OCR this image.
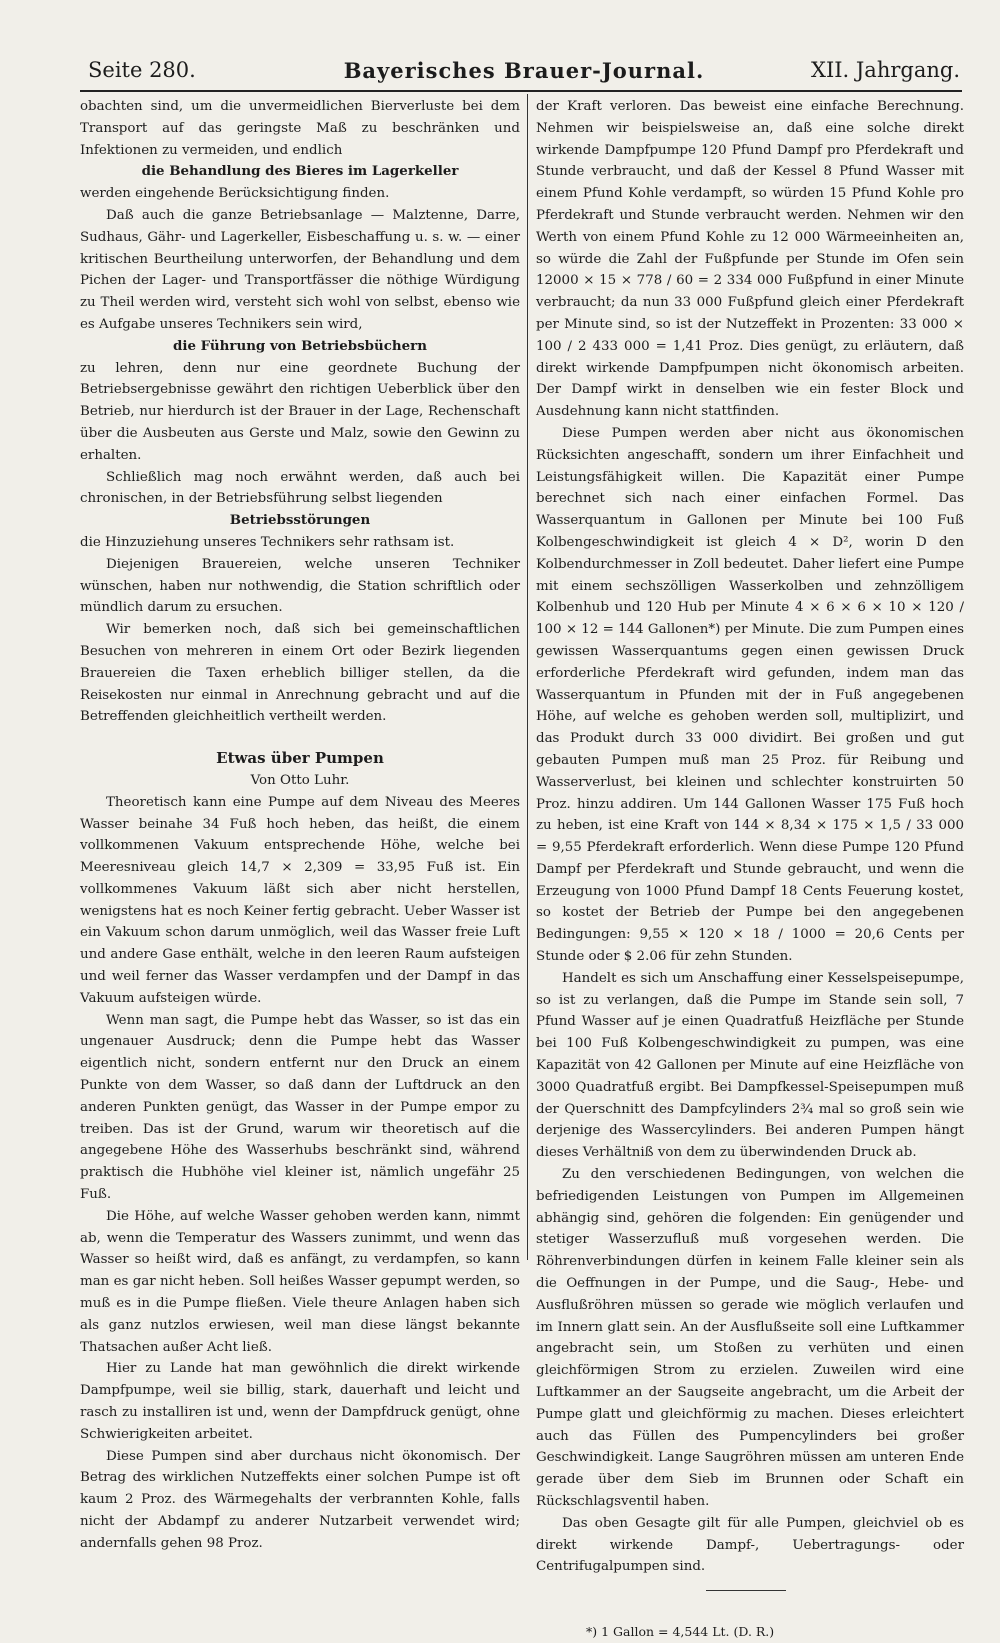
Seite 280.	Bayerisches Brauer-Journal.	XII. Jahrgang.

obachten sind, um die unvermeidlichen Bierverluste bei dem Transport auf das geringste Maß zu beschränken und Infektionen zu vermeiden, und endlich

die Behandlung des Bieres im Lagerkeller

werden eingehende Berücksichtigung finden.

Daß auch die ganze Betriebsanlage — Malztenne, Darre, Sudhaus, Gähr- und Lagerkeller, Eisbeschaffung u. s. w. — einer kritischen Beurtheilung unterworfen, der Behandlung und dem Pichen der Lager- und Transportfässer die nöthige Würdigung zu Theil werden wird, versteht sich wohl von selbst, ebenso wie es Aufgabe unseres Technikers sein wird,

die Führung von Betriebsbüchern

zu lehren, denn nur eine geordnete Buchung der Betriebsergebnisse gewährt den richtigen Ueberblick über den Betrieb, nur hierdurch ist der Brauer in der Lage, Rechenschaft über die Ausbeuten aus Gerste und Malz, sowie den Gewinn zu erhalten.

Schließlich mag noch erwähnt werden, daß auch bei chronischen, in der Betriebsführung selbst liegenden

Betriebsstörungen

die Hinzuziehung unseres Technikers sehr rathsam ist.

Diejenigen Brauereien, welche unseren Techniker wünschen, haben nur nothwendig, die Station schriftlich oder mündlich darum zu ersuchen.

Wir bemerken noch, daß sich bei gemeinschaftlichen Besuchen von mehreren in einem Ort oder Bezirk liegenden Brauereien die Taxen erheblich billiger stellen, da die Reisekosten nur einmal in Anrechnung gebracht und auf die Betreffenden gleichheitlich vertheilt werden.

Etwas über Pumpen
Von Otto Luhr.

Theoretisch kann eine Pumpe auf dem Niveau des Meeres Wasser beinahe 34 Fuß hoch heben, das heißt, die einem vollkommenen Vakuum entsprechende Höhe, welche bei Meeresniveau gleich 14,7 × 2,309 = 33,95 Fuß ist. Ein vollkommenes Vakuum läßt sich aber nicht herstellen, wenigstens hat es noch Keiner fertig gebracht. Ueber Wasser ist ein Vakuum schon darum unmöglich, weil das Wasser freie Luft und andere Gase enthält, welche in den leeren Raum aufsteigen und weil ferner das Wasser verdampfen und der Dampf in das Vakuum aufsteigen würde.

Wenn man sagt, die Pumpe hebt das Wasser, so ist das ein ungenauer Ausdruck; denn die Pumpe hebt das Wasser eigentlich nicht, sondern entfernt nur den Druck an einem Punkte von dem Wasser, so daß dann der Luftdruck an den anderen Punkten genügt, das Wasser in der Pumpe empor zu treiben. Das ist der Grund, warum wir theoretisch auf die angegebene Höhe des Wasserhubs beschränkt sind, während praktisch die Hubhöhe viel kleiner ist, nämlich ungefähr 25 Fuß.

Die Höhe, auf welche Wasser gehoben werden kann, nimmt ab, wenn die Temperatur des Wassers zunimmt, und wenn das Wasser so heißt wird, daß es anfängt, zu verdampfen, so kann man es gar nicht heben. Soll heißes Wasser gepumpt werden, so muß es in die Pumpe fließen. Viele theure Anlagen haben sich als ganz nutzlos erwiesen, weil man diese längst bekannte Thatsachen außer Acht ließ.

Hier zu Lande hat man gewöhnlich die direkt wirkende Dampfpumpe, weil sie billig, stark, dauerhaft und leicht und rasch zu installiren ist und, wenn der Dampfdruck genügt, ohne Schwierigkeiten arbeitet.

Diese Pumpen sind aber durchaus nicht ökonomisch. Der Betrag des wirklichen Nutzeffekts einer solchen Pumpe ist oft kaum 2 Proz. des Wärmegehalts der verbrannten Kohle, falls nicht der Abdampf zu anderer Nutzarbeit verwendet wird; andernfalls gehen 98 Proz.

der Kraft verloren. Das beweist eine einfache Berechnung. Nehmen wir beispielsweise an, daß eine solche direkt wirkende Dampfpumpe 120 Pfund Dampf pro Pferdekraft und Stunde verbraucht, und daß der Kessel 8 Pfund Wasser mit einem Pfund Kohle verdampft, so würden 15 Pfund Kohle pro Pferdekraft und Stunde verbraucht werden. Nehmen wir den Werth von einem Pfund Kohle zu 12 000 Wärmeeinheiten an, so würde die Zahl der Fußpfunde per Stunde im Ofen sein 12000 × 15 × 778 / 60 = 2 334 000 Fußpfund in einer Minute verbraucht; da nun 33 000 Fußpfund gleich einer Pferdekraft per Minute sind, so ist der Nutzeffekt in Prozenten: 33 000 × 100 / 2 433 000 = 1,41 Proz. Dies genügt, zu erläutern, daß direkt wirkende Dampfpumpen nicht ökonomisch arbeiten. Der Dampf wirkt in denselben wie ein fester Block und Ausdehnung kann nicht stattfinden.

Diese Pumpen werden aber nicht aus ökonomischen Rücksichten angeschafft, sondern um ihrer Einfachheit und Leistungsfähigkeit willen. Die Kapazität einer Pumpe berechnet sich nach einer einfachen Formel. Das Wasserquantum in Gallonen per Minute bei 100 Fuß Kolbengeschwindigkeit ist gleich 4 × D², worin D den Kolbendurchmesser in Zoll bedeutet. Daher liefert eine Pumpe mit einem sechszölligen Wasserkolben und zehnzölligem Kolbenhub und 120 Hub per Minute 4 × 6 × 6 × 10 × 120 / 100 × 12 = 144 Gallonen*) per Minute. Die zum Pumpen eines gewissen Wasserquantums gegen einen gewissen Druck erforderliche Pferdekraft wird gefunden, indem man das Wasserquantum in Pfunden mit der in Fuß angegebenen Höhe, auf welche es gehoben werden soll, multiplizirt, und das Produkt durch 33 000 dividirt. Bei großen und gut gebauten Pumpen muß man 25 Proz. für Reibung und Wasserverlust, bei kleinen und schlechter konstruirten 50 Proz. hinzu addiren. Um 144 Gallonen Wasser 175 Fuß hoch zu heben, ist eine Kraft von 144 × 8,34 × 175 × 1,5 / 33 000 = 9,55 Pferdekraft erforderlich. Wenn diese Pumpe 120 Pfund Dampf per Pferdekraft und Stunde gebraucht, und wenn die Erzeugung von 1000 Pfund Dampf 18 Cents Feuerung kostet, so kostet der Betrieb der Pumpe bei den angegebenen Bedingungen: 9,55 × 120 × 18 / 1000 = 20,6 Cents per Stunde oder $ 2.06 für zehn Stunden.

Handelt es sich um Anschaffung einer Kesselspeisepumpe, so ist zu verlangen, daß die Pumpe im Stande sein soll, 7 Pfund Wasser auf je einen Quadratfuß Heizfläche per Stunde bei 100 Fuß Kolbengeschwindigkeit zu pumpen, was eine Kapazität von 42 Gallonen per Minute auf eine Heizfläche von 3000 Quadratfuß ergibt. Bei Dampfkessel-Speisepumpen muß der Querschnitt des Dampfcylinders 2¾ mal so groß sein wie derjenige des Wassercylinders. Bei anderen Pumpen hängt dieses Verhältniß von dem zu überwindenden Druck ab.

Zu den verschiedenen Bedingungen, von welchen die befriedigenden Leistungen von Pumpen im Allgemeinen abhängig sind, gehören die folgenden: Ein genügender und stetiger Wasserzufluß muß vorgesehen werden. Die Röhrenverbindungen dürfen in keinem Falle kleiner sein als die Oeffnungen in der Pumpe, und die Saug-, Hebe- und Ausflußröhren müssen so gerade wie möglich verlaufen und im Innern glatt sein. An der Ausflußseite soll eine Luftkammer angebracht sein, um Stoßen zu verhüten und einen gleichförmigen Strom zu erzielen. Zuweilen wird eine Luftkammer an der Saugseite angebracht, um die Arbeit der Pumpe glatt und gleichförmig zu machen. Dieses erleichtert auch das Füllen des Pumpencylinders bei großer Geschwindigkeit. Lange Saugröhren müssen am unteren Ende gerade über dem Sieb im Brunnen oder Schaft ein Rückschlagsventil haben.

Das oben Gesagte gilt für alle Pumpen, gleichviel ob es direkt wirkende Dampf-, Uebertragungs- oder Centrifugalpumpen sind.

*) 1 Gallon = 4,544 Lt. (D. R.)
